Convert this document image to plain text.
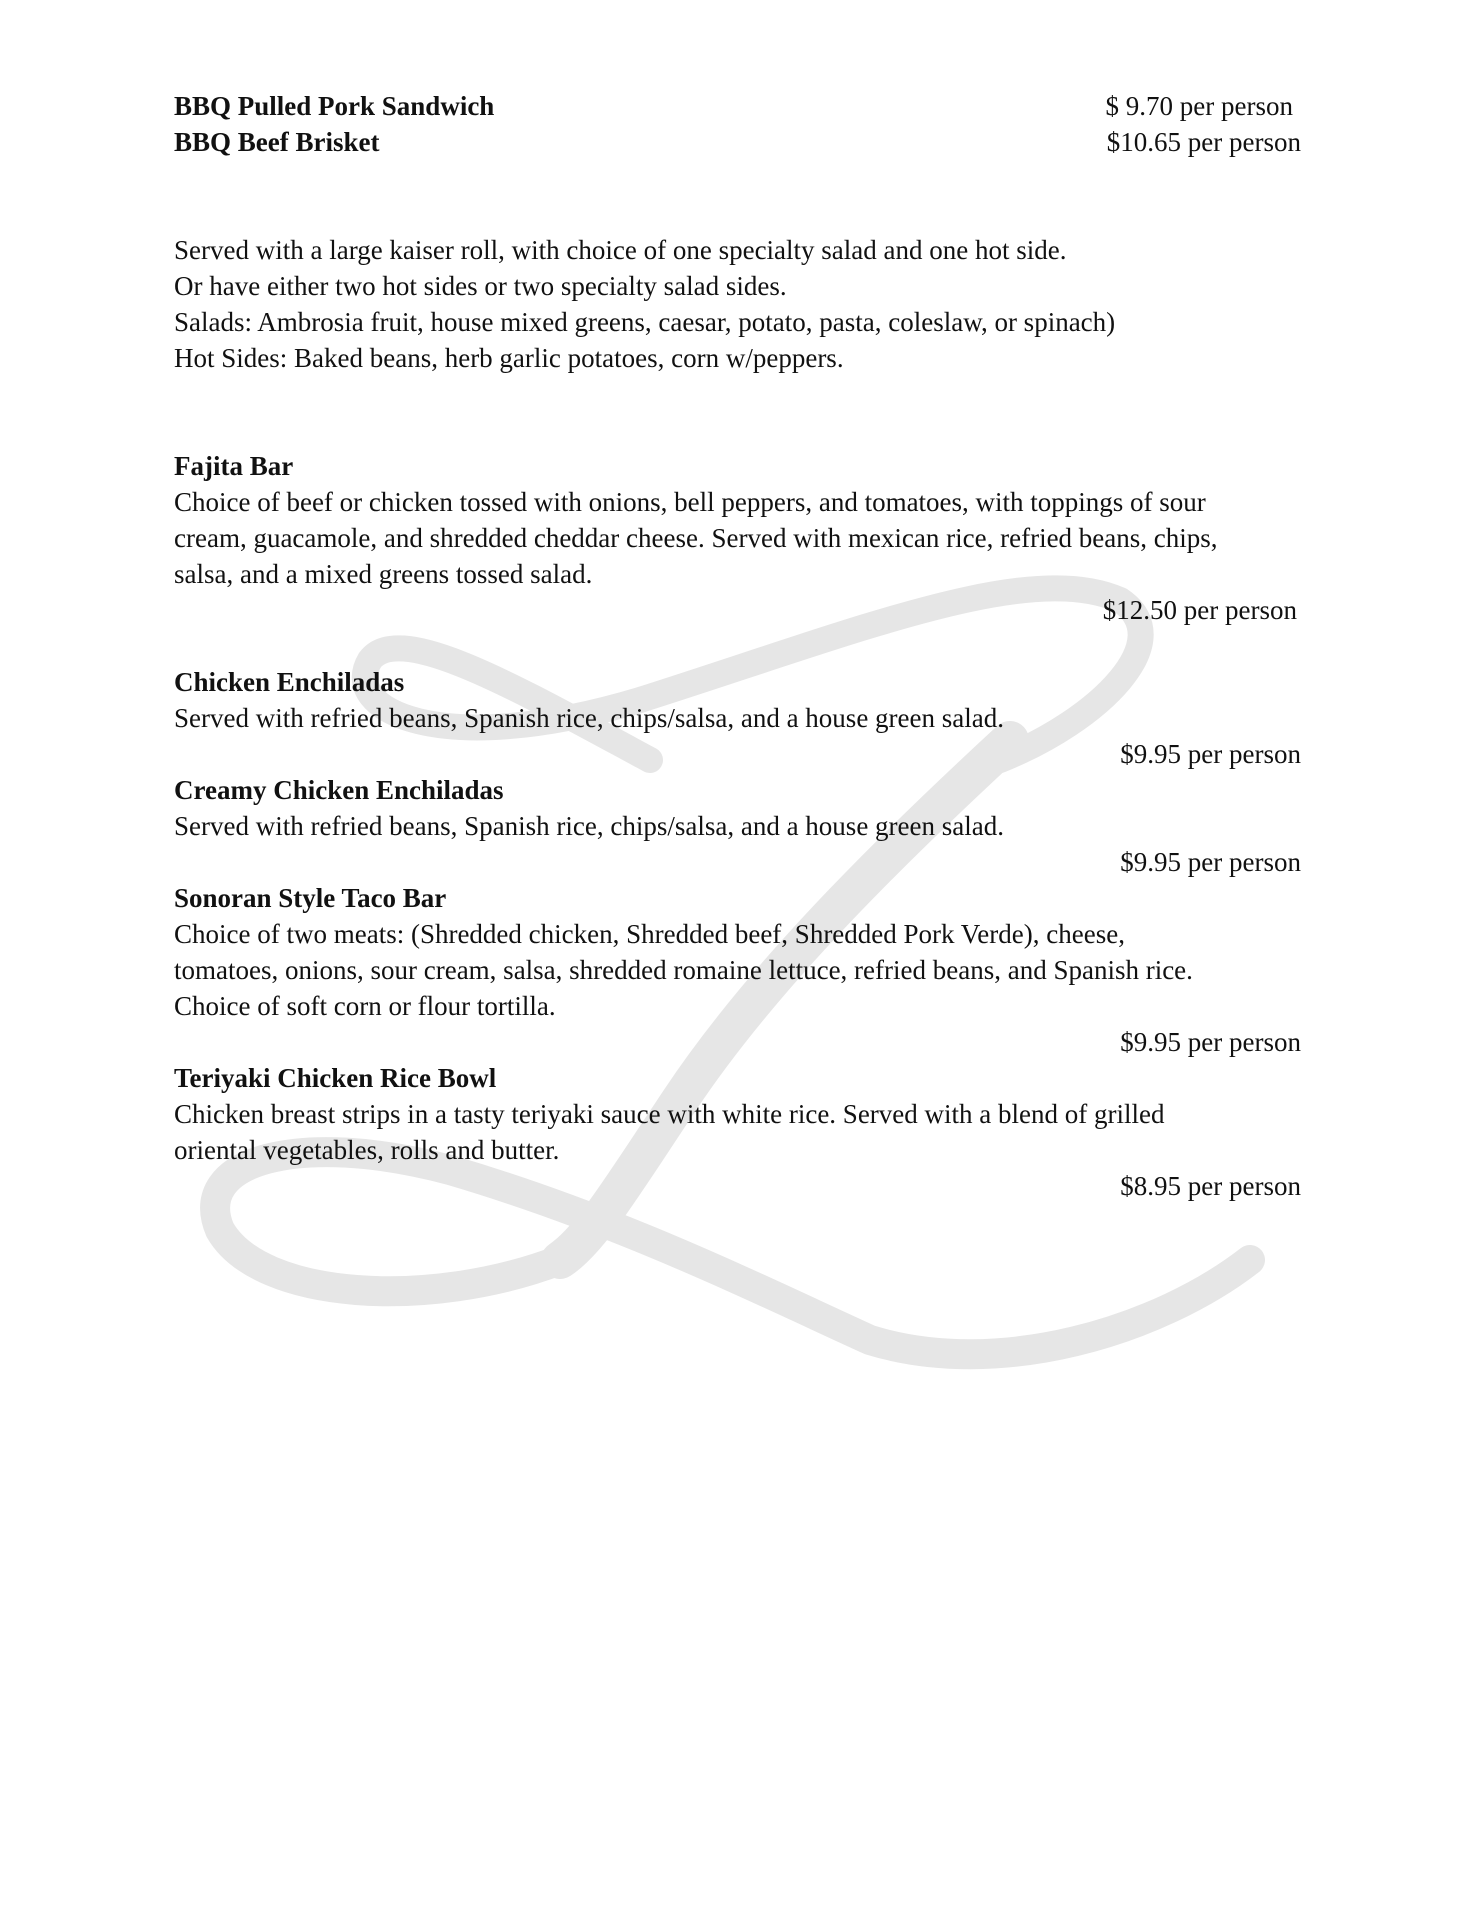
BBQ Pulled Pork Sandwich	$ 9.70 per person
BBQ Beef Brisket	$10.65 per person
Served with a large kaiser roll, with choice of one specialty salad and one hot side.
Or have either two hot sides or two specialty salad sides.
Salads: Ambrosia fruit, house mixed greens, caesar, potato, pasta, coleslaw, or spinach)
Hot Sides: Baked beans, herb garlic potatoes, corn w/peppers.
Fajita Bar
Choice of beef or chicken tossed with onions, bell peppers, and tomatoes, with toppings of sour
cream, guacamole, and shredded cheddar cheese. Served with mexican rice, refried beans, chips,
salsa, and a mixed greens tossed salad.
$12.50 per person
Chicken Enchiladas
Served with refried beans, Spanish rice, chips/salsa, and a house green salad.
$9.95 per person
Creamy Chicken Enchiladas
Served with refried beans, Spanish rice, chips/salsa, and a house green salad.
$9.95 per person
Sonoran Style Taco Bar
Choice of two meats: (Shredded chicken, Shredded beef, Shredded Pork Verde), cheese,
tomatoes, onions, sour cream, salsa, shredded romaine lettuce, refried beans, and Spanish rice.
Choice of soft corn or flour tortilla.
$9.95 per person
Teriyaki Chicken Rice Bowl
Chicken breast strips in a tasty teriyaki sauce with white rice. Served with a blend of grilled
oriental vegetables, rolls and butter.
$8.95 per person
